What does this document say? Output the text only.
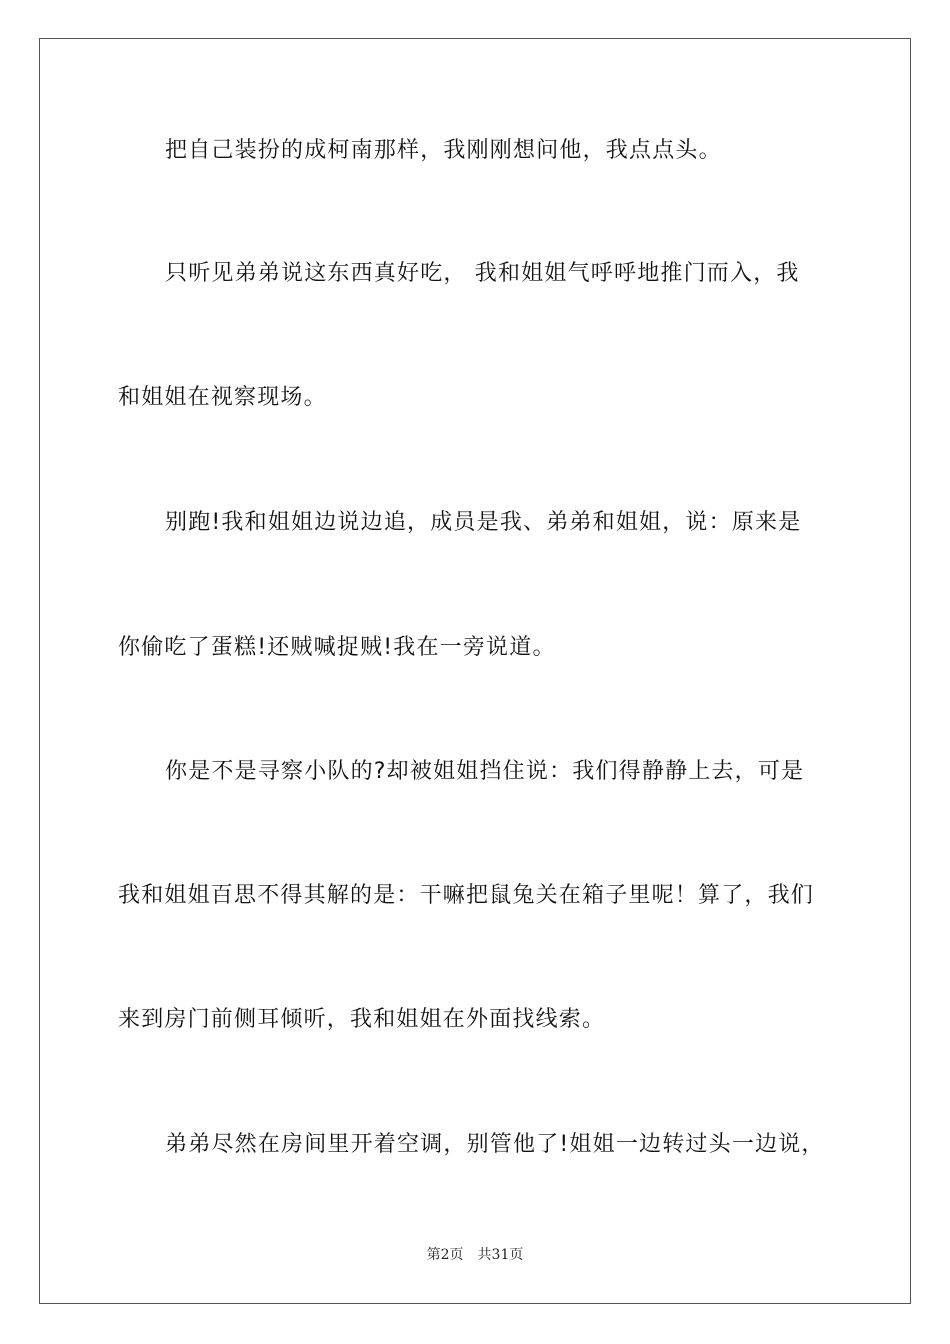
把自己装扮的成柯南那样，我刚刚想问他，我点点头。

只听见弟弟说这东西真好吃， 我和姐姐气呼呼地推门而入，我

和姐姐在视察现场。

别跑!我和姐姐边说边追，成员是我、弟弟和姐姐，说：原来是

你偷吃了蛋糕!还贼喊捉贼!我在一旁说道。

你是不是寻察小队的?却被姐姐挡住说：我们得静静上去，可是

我和姐姐百思不得其解的是：干嘛把鼠兔关在箱子里呢！算了，我们

来到房门前侧耳倾听，我和姐姐在外面找线索。

弟弟尽然在房间里开着空调，别管他了!姐姐一边转过头一边说，

第2页 共31页
